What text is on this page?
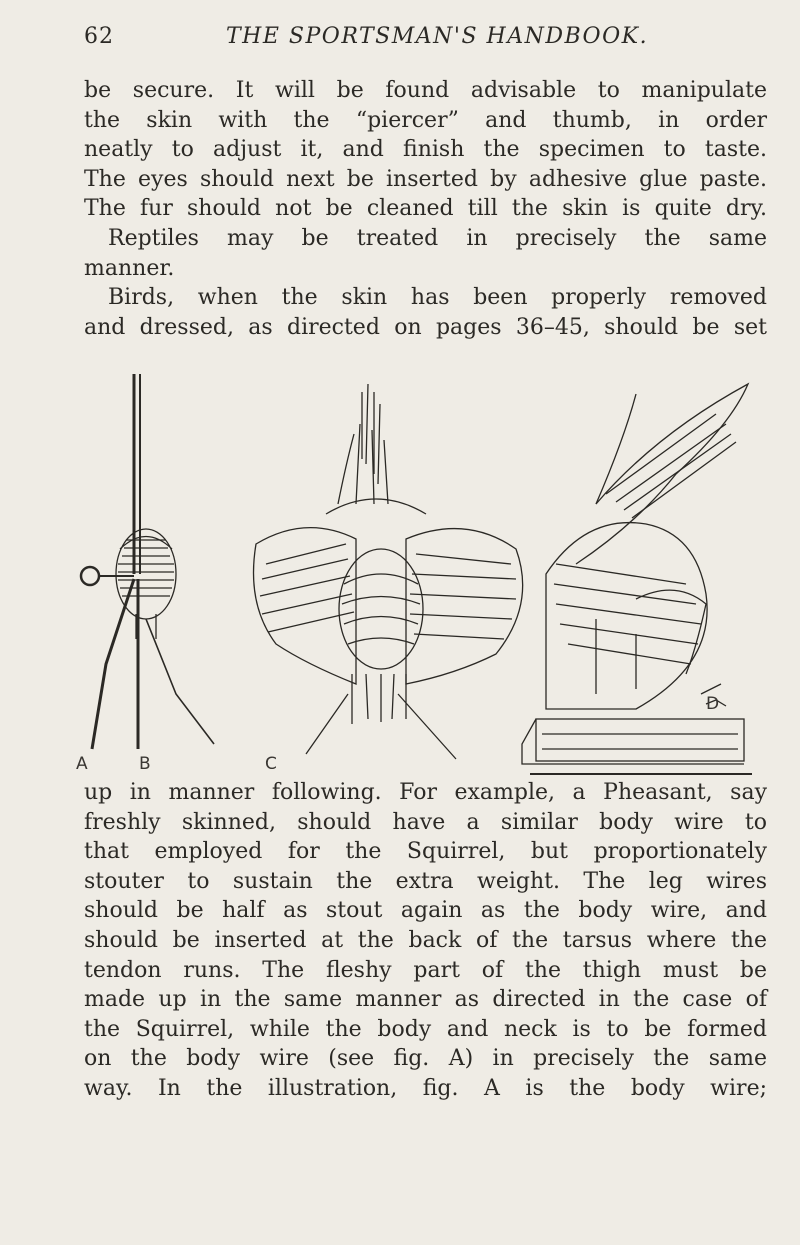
62	THE SPORTSMAN'S HANDBOOK.
be secure. It will be found advisable to manipulate
the skin with the “piercer” and thumb, in order
neatly to adjust it, and finish the specimen to taste.
The eyes should next be inserted by adhesive glue paste.
The fur should not be cleaned till the skin is quite dry.
Reptiles may be treated in precisely the same
manner.
Birds, when the skin has been properly removed
and dressed, as directed on pages 36–45, should be set
A	B	C
D
up in manner following. For example, a Pheasant, say
freshly skinned, should have a similar body wire to
that employed for the Squirrel, but proportionately
stouter to sustain the extra weight. The leg wires
should be half as stout again as the body wire, and
should be inserted at the back of the tarsus where the
tendon runs. The fleshy part of the thigh must be
made up in the same manner as directed in the case of
the Squirrel, while the body and neck is to be formed
on the body wire (see fig. A) in precisely the same
way. In the illustration, fig. A is the body wire;
